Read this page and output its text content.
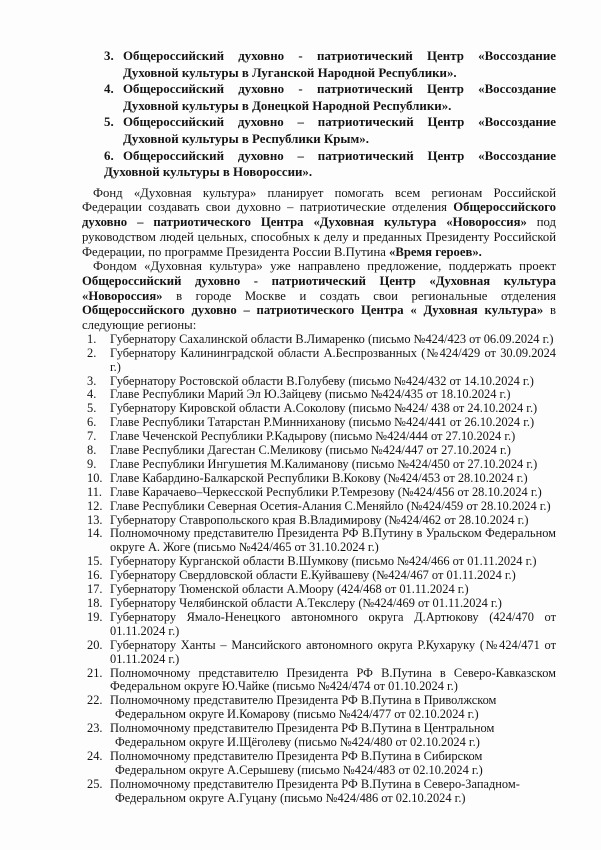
3. Общероссийский духовно - патриотический Центр «Воссоздание Духовной культуры в Луганской Народной Республики».
4. Общероссийский духовно - патриотический Центр «Воссоздание Духовной культуры в Донецкой Народной Республики».
5. Общероссийский духовно – патриотический Центр «Воссоздание Духовной культуры в Республики Крым».
6. Общероссийский духовно – патриотический Центр «Воссоздание Духовной культуры в Новороссии».

Фонд «Духовная культура» планирует помогать всем регионам Российской Федерации создавать свои духовно – патриотические отделения Общероссийского духовно – патриотического Центра «Духовная культура «Новороссия» под руководством людей цельных, способных к делу и преданных Президенту Российской Федерации, по программе Президента России В.Путина «Время героев».

Фондом «Духовная культура» уже направлено предложение, поддержать проект Общероссийский духовно - патриотический Центр «Духовная культура «Новороссия» в городе Москве и создать свои региональные отделения Общероссийского духовно – патриотического Центра « Духовная культура» в следующие регионы:

1. Губернатору Сахалинской области В.Лимаренко (письмо №424/423 от 06.09.2024 г.)
2. Губернатору Калининградской области А.Беспрозванных (№424/429 от 30.09.2024 г.)
3. Губернатору Ростовской области В.Голубеву (письмо №424/432 от 14.10.2024 г.)
4. Главе Республики Марий Эл Ю.Зайцеву (письмо №424/435 от 18.10.2024 г.)
5. Губернатору Кировской области А.Соколову (письмо №424/ 438 от 24.10.2024 г.)
6. Главе Республики Татарстан Р.Минниханову (письмо №424/441 от 26.10.2024 г.)
7. Главе Чеченской Республики Р.Кадырову (письмо №424/444 от 27.10.2024 г.)
8. Главе Республики Дагестан С.Меликову (письмо №424/447 от 27.10.2024 г.)
9. Главе Республики Ингушетия М.Калиманову (письмо №424/450 от 27.10.2024 г.)
10. Главе Кабардино-Балкарской Республики В.Кокову (№424/453 от 28.10.2024 г.)
11. Главе Карачаево–Черкесской Республики Р.Темрезову (№424/456 от 28.10.2024 г.)
12. Главе Республики Северная Осетия-Алания С.Меняйло (№424/459 от 28.10.2024 г.)
13. Губернатору Ставропольского края В.Владимирову (№424/462 от 28.10.2024 г.)
14. Полномочному представителю Президента РФ В.Путину в Уральском Федеральном округе А. Жоге (письмо №424/465 от 31.10.2024 г.)
15. Губернатору Курганской области В.Шумкову (письмо №424/466 от 01.11.2024 г.)
16. Губернатору Свердловской области Е.Куйвашеву (№424/467 от 01.11.2024 г.)
17. Губернатору Тюменской области А.Моору (424/468 от 01.11.2024 г.)
18. Губернатору Челябинской области А.Текслеру (№424/469 от 01.11.2024 г.)
19. Губернатору Ямало-Ненецкого автономного округа Д.Артюкову (424/470 от 01.11.2024 г.)
20. Губернатору Ханты – Мансийского автономного округа Р.Кухаруку (№424/471 от 01.11.2024 г.)
21. Полномочному представителю Президента РФ В.Путина в Северо-Кавказском Федеральном округе Ю.Чайке (письмо №424/474 от 01.10.2024 г.)
22. Полномочному представителю Президента РФ В.Путина в Приволжском
Федеральном округе И.Комарову (письмо №424/477 от 02.10.2024 г.)
23. Полномочному представителю Президента РФ В.Путина в Центральном
Федеральном округе И.Щёголеву (письмо №424/480 от 02.10.2024 г.)
24. Полномочному представителю Президента РФ В.Путина в Сибирском
Федеральном округе А.Серышеву (письмо №424/483 от 02.10.2024 г.)
25. Полномочному представителю Президента РФ В.Путина в Северо-Западном-
Федеральном округе А.Гуцану (письмо №424/486 от 02.10.2024 г.)
